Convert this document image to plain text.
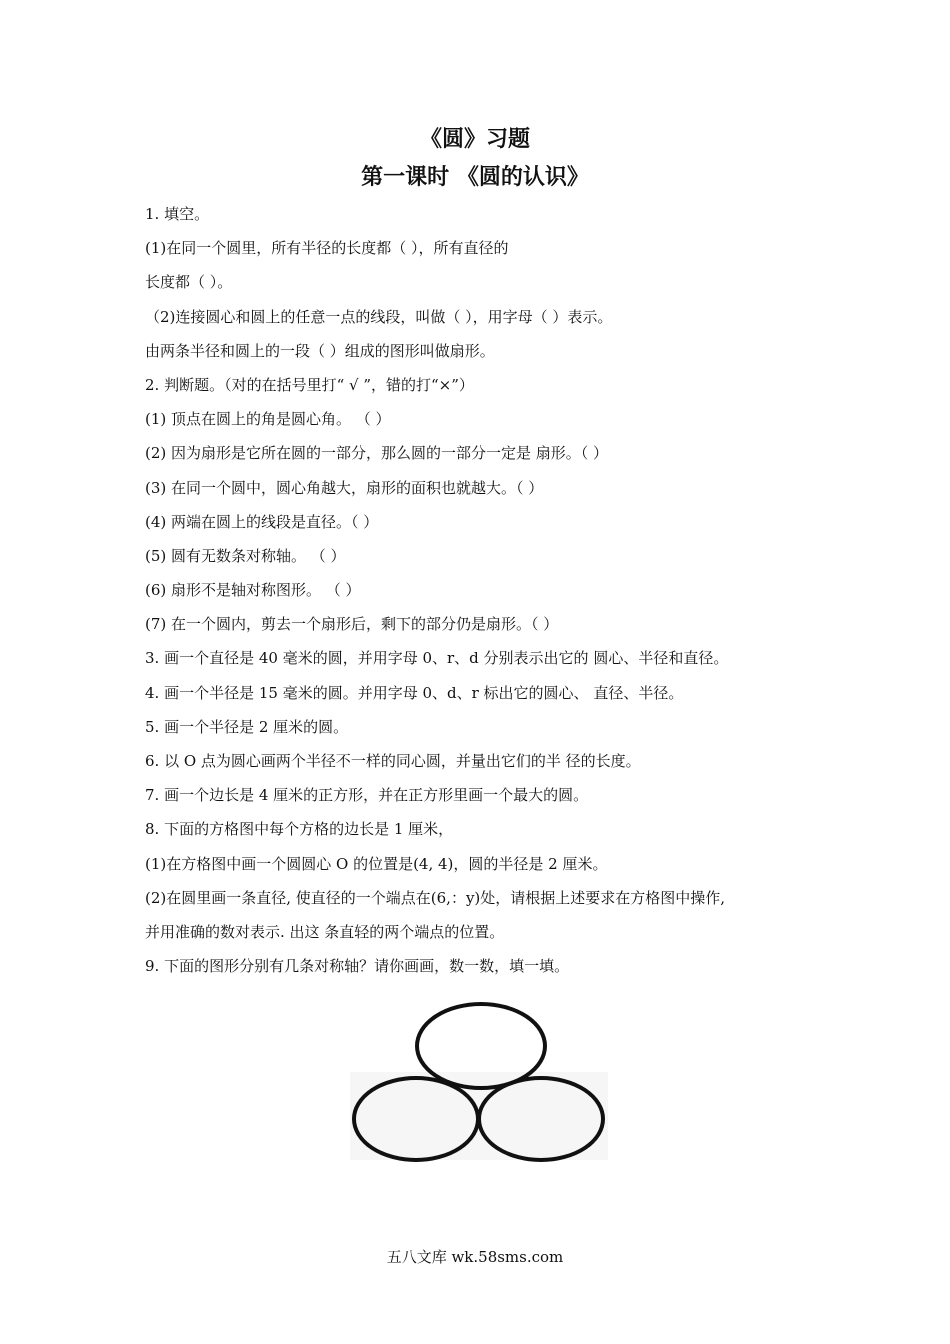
《圆》习题
第一课时 《圆的认识》
1. 填空。
(1)在同一个圆里，所有半径的长度都（ ），所有直径的
长度都（ ）。
（2)连接圆心和圆上的任意一点的线段，叫做（ ），用字母（ ）表示。
由两条半径和圆上的一段（ ）组成的图形叫做扇形。
2. 判断题。（对的在括号里打“ √ ”，错的打“×”）
(1) 顶点在圆上的角是圆心角。 （ ）
(2) 因为扇形是它所在圆的一部分，那么圆的一部分一定是 扇形。（ ）
(3) 在同一个圆中，圆心角越大，扇形的面积也就越大。（ ）
(4) 两端在圆上的线段是直径。（ ）
(5) 圆有无数条对称轴。 （ ）
(6) 扇形不是轴对称图形。 （ ）
(7) 在一个圆内，剪去一个扇形后，剩下的部分仍是扇形。（ ）
3. 画一个直径是 40 毫米的圆，并用字母 0、r、d 分别表示出它的 圆心、半径和直径。
4. 画一个半径是 15 毫米的圆。并用字母 0、d、r 标出它的圆心、 直径、半径。
5. 画一个半径是 2 厘米的圆。
6. 以 O 点为圆心画两个半径不一样的同心圆，并量出它们的半 径的长度。
7. 画一个边长是 4 厘米的正方形，并在正方形里画一个最大的圆。
8. 下面的方格图中每个方格的边长是 1 厘米，
(1)在方格图中画一个圆圆心 O 的位置是(4, 4)，圆的半径是 2 厘米。
(2)在圆里画一条直径, 使直径的一个端点在(6,：y)处，请根据上述要求在方格图中操作,
并用准确的数对表示. 出这 条直轻的两个端点的位置。
9. 下面的图形分别有几条对称轴？请你画画，数一数，填一填。
五八文库 wk.58sms.com
